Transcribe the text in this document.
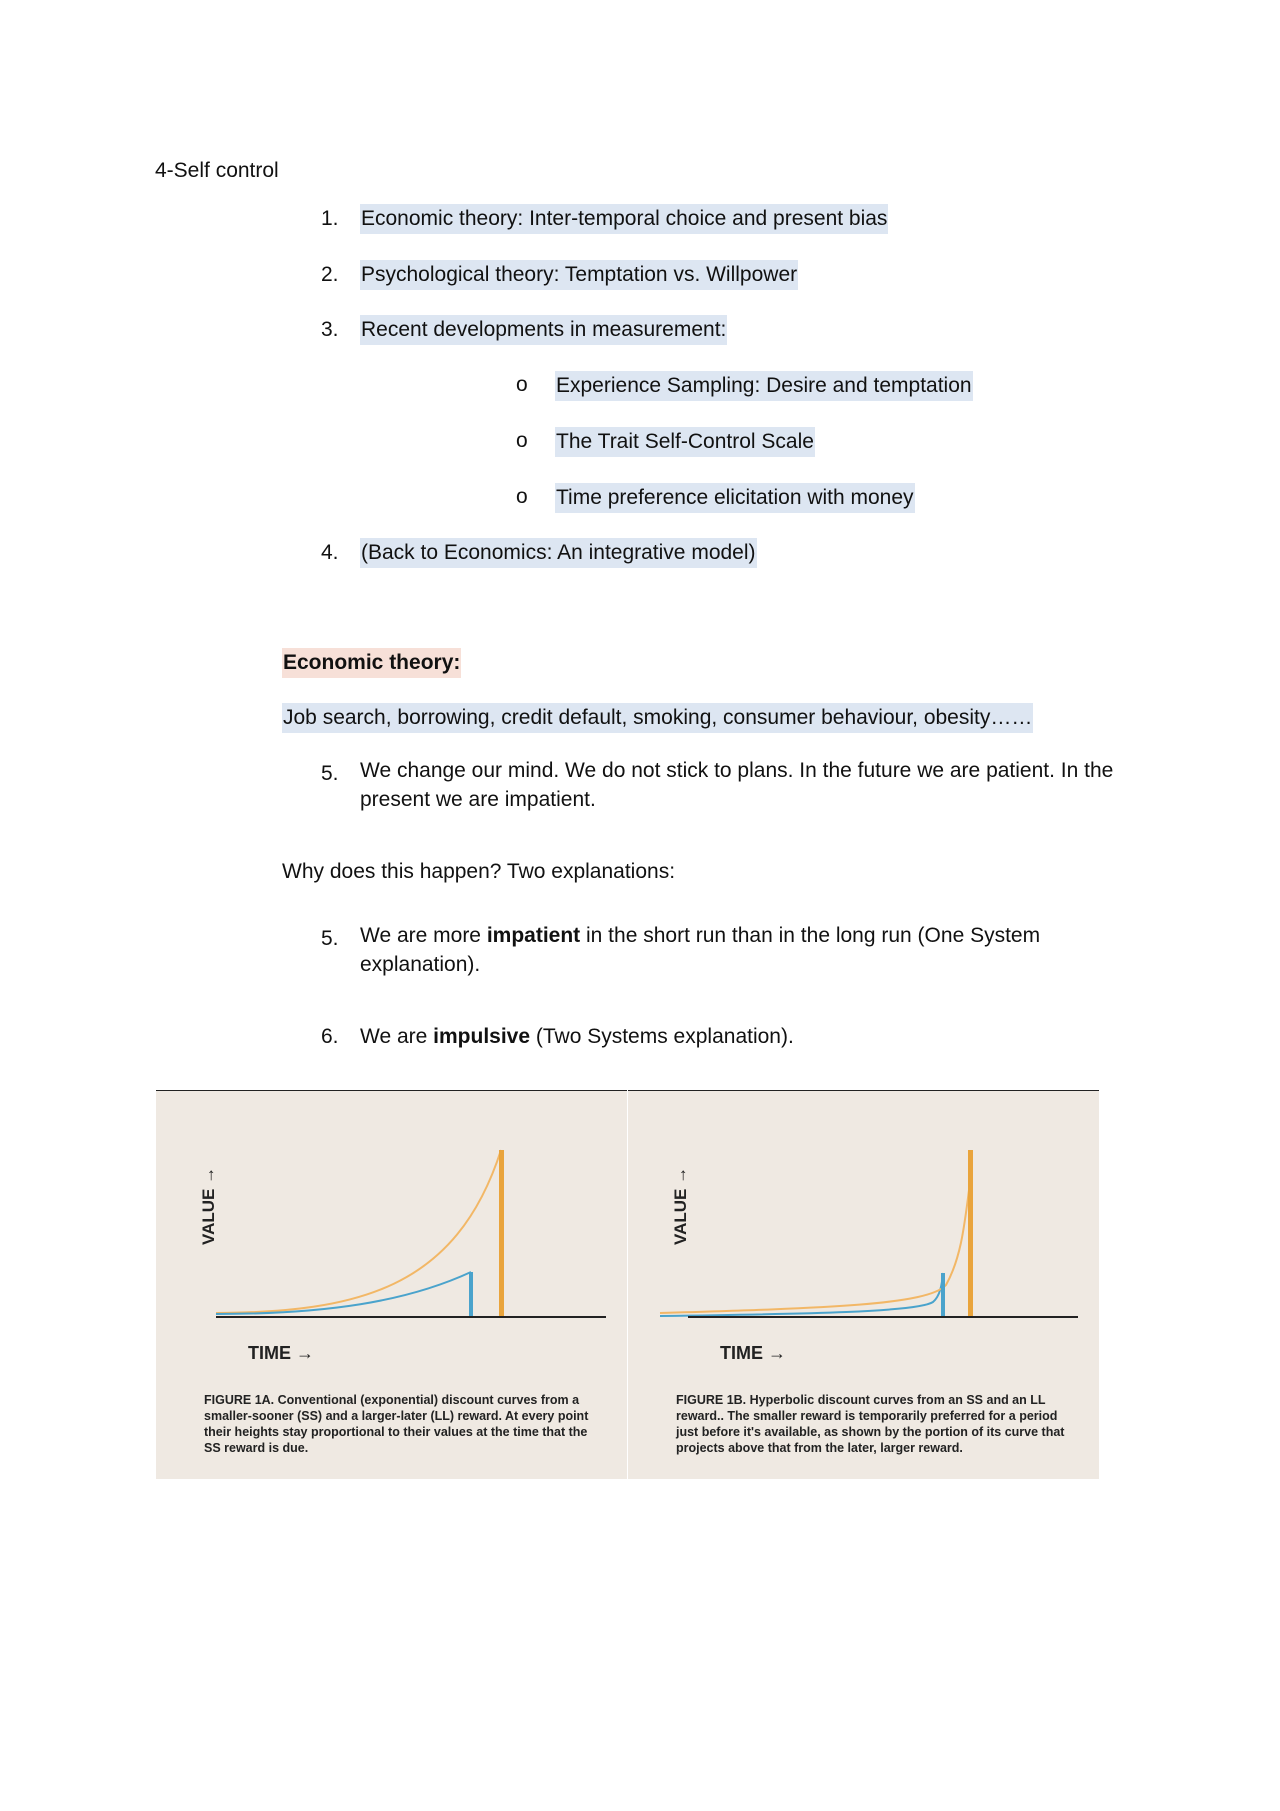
4-Self control
1. Economic theory: Inter-temporal choice and present bias
2. Psychological theory: Temptation vs. Willpower
3. Recent developments in measurement:
o Experience Sampling: Desire and temptation
o The Trait Self-Control Scale
o Time preference elicitation with money
4. (Back to Economics: An integrative model)
Economic theory:
Job search, borrowing, credit default, smoking, consumer behaviour, obesity……
5. We change our mind. We do not stick to plans. In the future we are patient. In the present we are impatient.
Why does this happen? Two explanations:
5. We are more impatient in the short run than in the long run (One System explanation).
6. We are impulsive (Two Systems explanation).
VALUE →
TIME →
FIGURE 1A. Conventional (exponential) discount curves from a smaller-sooner (SS) and a larger-later (LL) reward. At every point their heights stay proportional to their values at the time that the SS reward is due.
VALUE →
TIME →
FIGURE 1B. Hyperbolic discount curves from an SS and an LL reward.. The smaller reward is temporarily preferred for a period just before it's available, as shown by the portion of its curve that projects above that from the later, larger reward.
